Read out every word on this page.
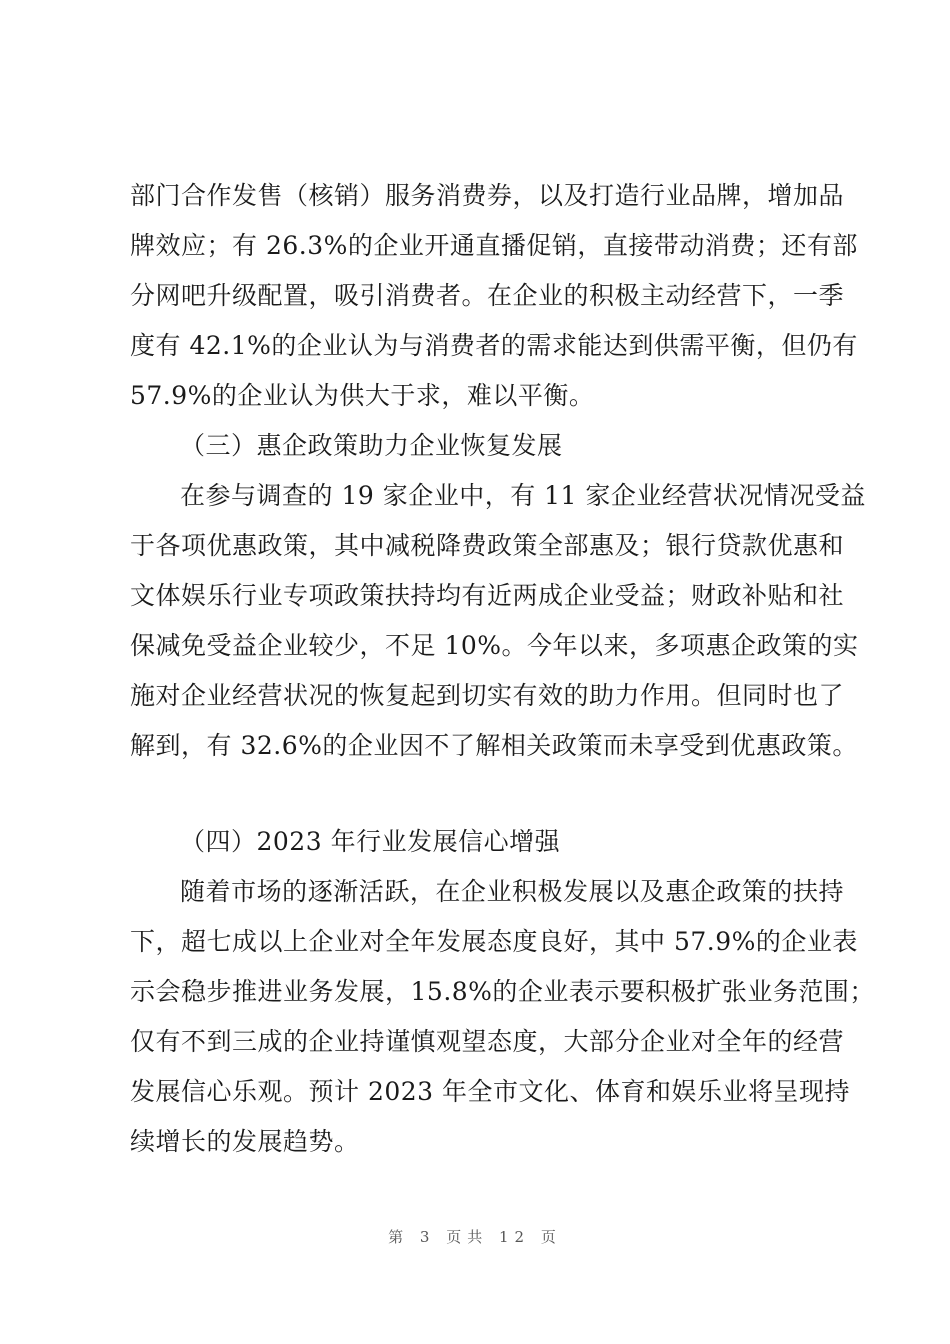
部门合作发售（核销）服务消费券，以及打造行业品牌，增加品
牌效应；有 26.3%的企业开通直播促销，直接带动消费；还有部
分网吧升级配置，吸引消费者。在企业的积极主动经营下，一季
度有 42.1%的企业认为与消费者的需求能达到供需平衡，但仍有
57.9%的企业认为供大于求，难以平衡。
（三）惠企政策助力企业恢复发展
在参与调查的 19 家企业中，有 11 家企业经营状况情况受益
于各项优惠政策，其中减税降费政策全部惠及；银行贷款优惠和
文体娱乐行业专项政策扶持均有近两成企业受益；财政补贴和社
保减免受益企业较少，不足 10%。今年以来，多项惠企政策的实
施对企业经营状况的恢复起到切实有效的助力作用。但同时也了
解到，有 32.6%的企业因不了解相关政策而未享受到优惠政策。
（四）2023 年行业发展信心增强
随着市场的逐渐活跃，在企业积极发展以及惠企政策的扶持
下，超七成以上企业对全年发展态度良好，其中 57.9%的企业表
示会稳步推进业务发展，15.8%的企业表示要积极扩张业务范围；
仅有不到三成的企业持谨慎观望态度，大部分企业对全年的经营
发展信心乐观。预计 2023 年全市文化、体育和娱乐业将呈现持
续增长的发展趋势。
第 3 页共 12 页
